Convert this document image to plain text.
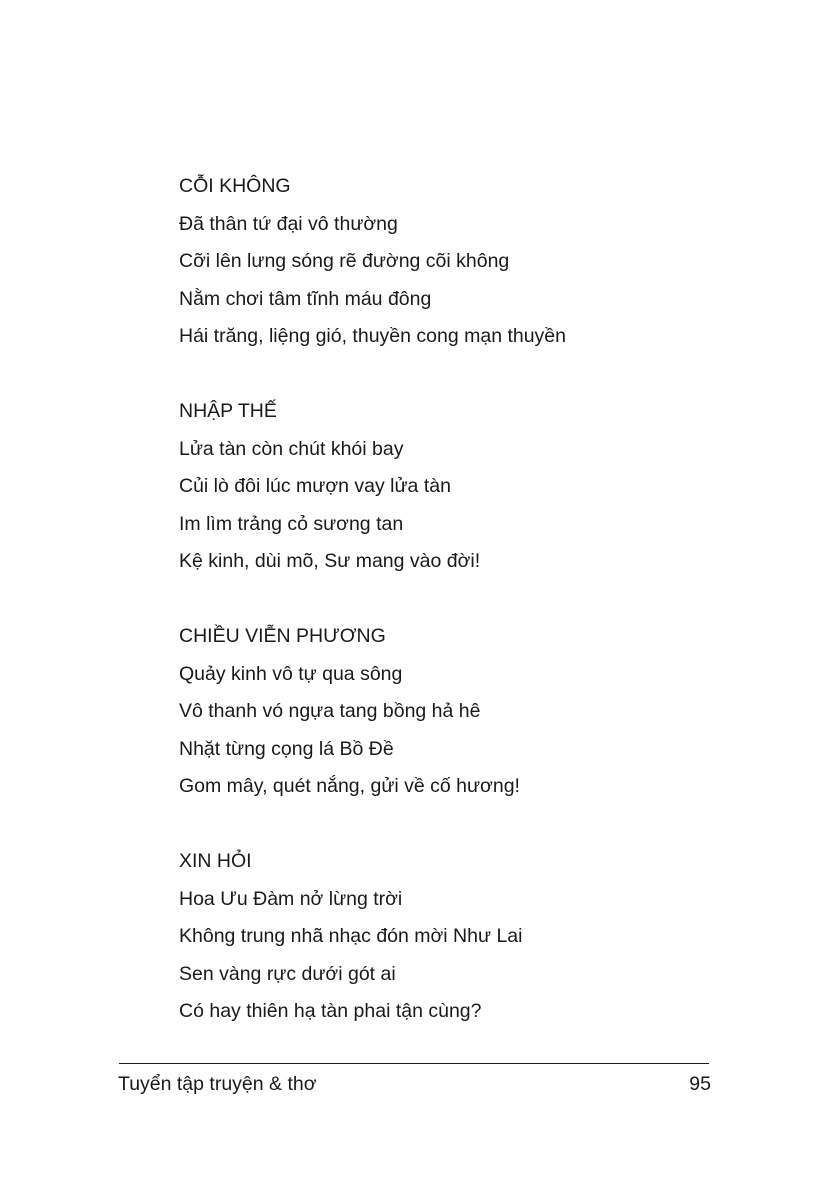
CỖI KHÔNG
Đã thân tứ đại vô thường
Cỡi lên lưng sóng rẽ đường cõi không
Nằm chơi tâm tĩnh máu đông
Hái trăng, liệng gió, thuyền cong mạn thuyền
NHẬP THẾ
Lửa tàn còn chút khói bay
Củi lò đôi lúc mượn vay lửa tàn
Im lìm trảng cỏ sương tan
Kệ kinh, dùi mõ, Sư mang vào đời!
CHIỀU VIỄN PHƯƠNG
Quảy kinh vô tự qua sông
Vô thanh vó ngựa tang bồng hả hê
Nhặt từng cọng lá Bồ Đề
Gom mây, quét nắng, gửi về cố hương!
XIN HỎI
Hoa Ưu Đàm nở lừng trời
Không trung nhã nhạc đón mời Như Lai
Sen vàng rực dưới gót ai
Có hay thiên hạ tàn phai tận cùng?
Tuyển tập truyện & thơ	95
